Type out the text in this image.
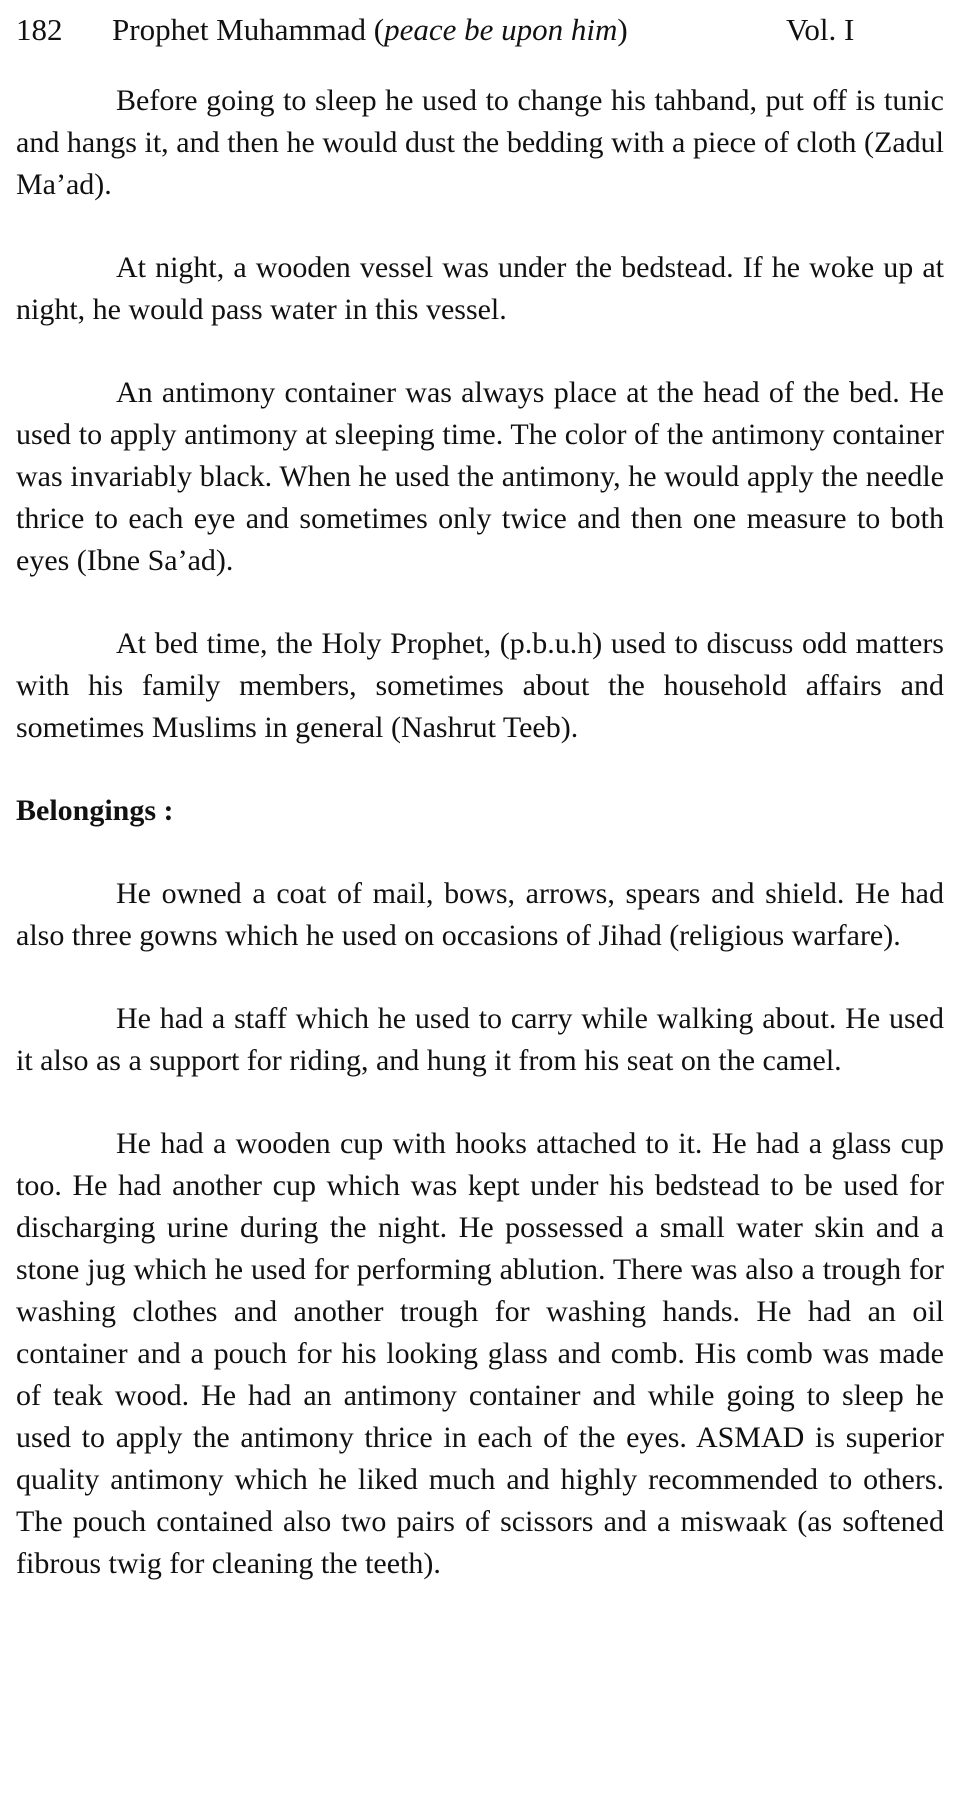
182 Prophet Muhammad (peace be upon him)	Vol. I

Before going to sleep he used to change his tahband, put off is tunic and hangs it, and then he would dust the bedding with a piece of cloth (Zadul Ma’ad).

At night, a wooden vessel was under the bedstead. If he woke up at night, he would pass water in this vessel.

An antimony container was always place at the head of the bed. He used to apply antimony at sleeping time. The color of the antimony container was invariably black. When he used the antimony, he would apply the needle thrice to each eye and sometimes only twice and then one measure to both eyes (Ibne Sa’ad).

At bed time, the Holy Prophet, (p.b.u.h) used to discuss odd matters with his family members, sometimes about the household affairs and sometimes Muslims in general (Nashrut Teeb).

Belongings :

He owned a coat of mail, bows, arrows, spears and shield. He had also three gowns which he used on occasions of Jihad (religious warfare).

He had a staff which he used to carry while walking about. He used it also as a support for riding, and hung it from his seat on the camel.

He had a wooden cup with hooks attached to it. He had a glass cup too. He had another cup which was kept under his bedstead to be used for discharging urine during the night. He possessed a small water skin and a stone jug which he used for performing ablution. There was also a trough for washing clothes and another trough for washing hands. He had an oil container and a pouch for his looking glass and comb. His comb was made of teak wood. He had an antimony container and while going to sleep he used to apply the antimony thrice in each of the eyes. ASMAD is superior quality antimony which he liked much and highly recommended to others. The pouch contained also two pairs of scissors and a miswaak (as softened fibrous twig for cleaning the teeth).
